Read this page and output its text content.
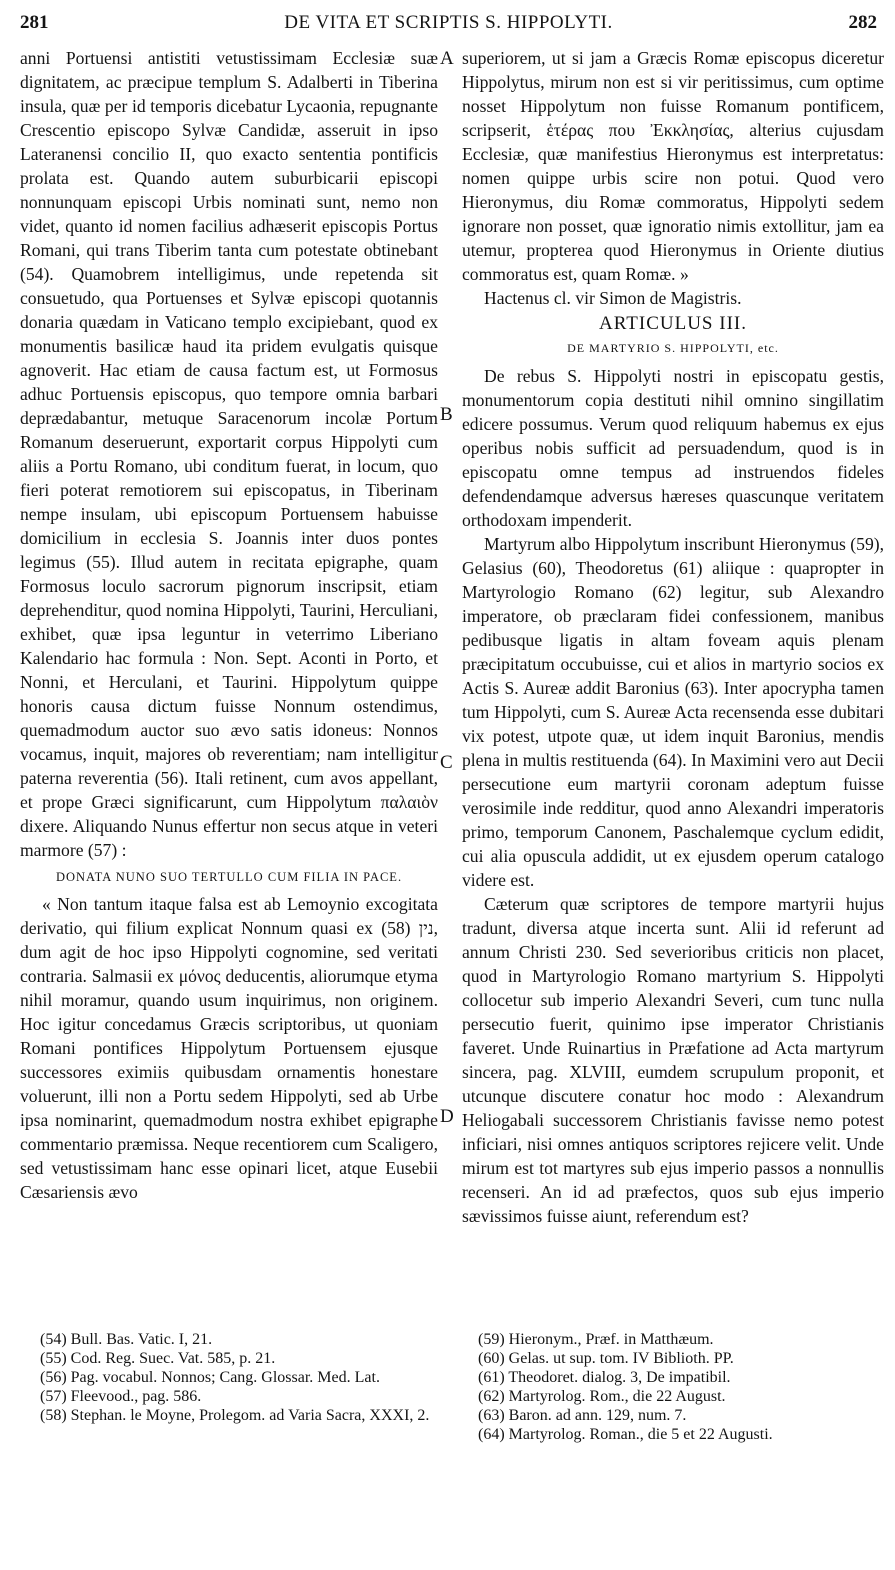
281	DE VITA ET SCRIPTIS S. HIPPOLYTI.	282
A
B
C
D

anni Portuensi antistiti vetustissimam Ecclesiæ suæ dignitatem, ac præcipue templum S. Adalberti in Tiberina insula, quæ per id temporis dicebatur Lycaonia, repugnante Crescentio episcopo Sylvæ Candidæ, asseruit in ipso Lateranensi concilio II, quo exacto sententia pontificis prolata est. Quando autem suburbicarii episcopi nonnunquam episcopi Urbis nominati sunt, nemo non videt, quanto id nomen facilius adhæserit episcopis Portus Romani, qui trans Tiberim tanta cum potestate obtinebant (54). Quamobrem intelligimus, unde repetenda sit consuetudo, qua Portuenses et Sylvæ episcopi quotannis donaria quædam in Vaticano templo excipiebant, quod ex monumentis basilicæ haud ita pridem evulgatis quisque agnoverit. Hac etiam de causa factum est, ut Formosus adhuc Portuensis episcopus, quo tempore omnia barbari deprædabantur, metuque Saracenorum incolæ Portum Romanum deseruerunt, exportarit corpus Hippolyti cum aliis a Portu Romano, ubi conditum fuerat, in locum, quo fieri poterat remotiorem sui episcopatus, in Tiberinam nempe insulam, ubi episcopum Portuensem habuisse domicilium in ecclesia S. Joannis inter duos pontes legimus (55). Illud autem in recitata epigraphe, quam Formosus loculo sacrorum pignorum inscripsit, etiam deprehenditur, quod nomina Hippolyti, Taurini, Herculiani, exhibet, quæ ipsa leguntur in veterrimo Liberiano Kalendario hac formula : Non. Sept. Aconti in Porto, et Nonni, et Herculani, et Taurini. Hippolytum quippe honoris causa dictum fuisse Nonnum ostendimus, quemadmodum auctor suo ævo satis idoneus: Nonnos vocamus, inquit, majores ob reverentiam; nam intelligitur paterna reverentia (56). Itali retinent, cum avos appellant, et prope Græci significarunt, cum Hippolytum παλαιὸν dixere. Aliquando Nunus effertur non secus atque in veteri marmore (57) :

DONATA NUNO SUO TERTULLO CUM FILIA IN PACE.

« Non tantum itaque falsa est ab Lemoynio excogitata derivatio, qui filium explicat Nonnum quasi ex נין (58), dum agit de hoc ipso Hippolyti cognomine, sed veritati contraria. Salmasii ex μόνος deducentis, aliorumque etyma nihil moramur, quando usum inquirimus, non originem. Hoc igitur concedamus Græcis scriptoribus, ut quoniam Romani pontifices Hippolytum Portuensem ejusque successores eximiis quibusdam ornamentis honestare voluerunt, illi non a Portu sedem Hippolyti, sed ab Urbe ipsa nominarint, quemadmodum nostra exhibet epigraphe commentario præmissa. Neque recentiorem cum Scaligero, sed vetustissimam hanc esse opinari licet, atque Eusebii Cæsariensis ævo

superiorem, ut si jam a Græcis Romæ episcopus diceretur Hippolytus, mirum non est si vir peritissimus, cum optime nosset Hippolytum non fuisse Romanum pontificem, scripserit, ἑτέρας που Ἐκκλησίας, alterius cujusdam Ecclesiæ, quæ manifestius Hieronymus est interpretatus: nomen quippe urbis scire non potui. Quod vero Hieronymus, diu Romæ commoratus, Hippolyti sedem ignorare non posset, quæ ignoratio nimis extollitur, jam ea utemur, propterea quod Hieronymus in Oriente diutius commoratus est, quam Romæ. »

Hactenus cl. vir Simon de Magistris.

ARTICULUS III.

DE MARTYRIO S. HIPPOLYTI, etc.

De rebus S. Hippolyti nostri in episcopatu gestis, monumentorum copia destituti nihil omnino singillatim edicere possumus. Verum quod reliquum habemus ex ejus operibus nobis sufficit ad persuadendum, quod is in episcopatu omne tempus ad instruendos fideles defendendamque adversus hæreses quascunque veritatem orthodoxam impenderit.

Martyrum albo Hippolytum inscribunt Hieronymus (59), Gelasius (60), Theodoretus (61) aliique : quapropter in Martyrologio Romano (62) legitur, sub Alexandro imperatore, ob præclaram fidei confessionem, manibus pedibusque ligatis in altam foveam aquis plenam præcipitatum occubuisse, cui et alios in martyrio socios ex Actis S. Aureæ addit Baronius (63). Inter apocrypha tamen tum Hippolyti, cum S. Aureæ Acta recensenda esse dubitari vix potest, utpote quæ, ut idem inquit Baronius, mendis plena in multis restituenda (64). In Maximini vero aut Decii persecutione eum martyrii coronam adeptum fuisse verosimile inde redditur, quod anno Alexandri imperatoris primo, temporum Canonem, Paschalemque cyclum edidit, cui alia opuscula addidit, ut ex ejusdem operum catalogo videre est.

Cæterum quæ scriptores de tempore martyrii hujus tradunt, diversa atque incerta sunt. Alii id referunt ad annum Christi 230. Sed severioribus criticis non placet, quod in Martyrologio Romano martyrium S. Hippolyti collocetur sub imperio Alexandri Severi, cum tunc nulla persecutio fuerit, quinimo ipse imperator Christianis faveret. Unde Ruinartius in Præfatione ad Acta martyrum sincera, pag. XLVIII, eumdem scrupulum proponit, et utcunque discutere conatur hoc modo : Alexandrum Heliogabali successorem Christianis favisse nemo potest inficiari, nisi omnes antiquos scriptores rejicere velit. Unde mirum est tot martyres sub ejus imperio passos a nonnullis recenseri. An id ad præfectos, quos sub ejus imperio sævissimos fuisse aiunt, referendum est?

(54) Bull. Bas. Vatic. I, 21.
(55) Cod. Reg. Suec. Vat. 585, p. 21.
(56) Pag. vocabul. Nonnos; Cang. Glossar. Med. Lat.
(57) Fleevood., pag. 586.
(58) Stephan. le Moyne, Prolegom. ad Varia Sacra, XXXI, 2.
(59) Hieronym., Præf. in Matthæum.
(60) Gelas. ut sup. tom. IV Biblioth. PP.
(61) Theodoret. dialog. 3, De impatibil.
(62) Martyrolog. Rom., die 22 August.
(63) Baron. ad ann. 129, num. 7.
(64) Martyrolog. Roman., die 5 et 22 Augusti.
